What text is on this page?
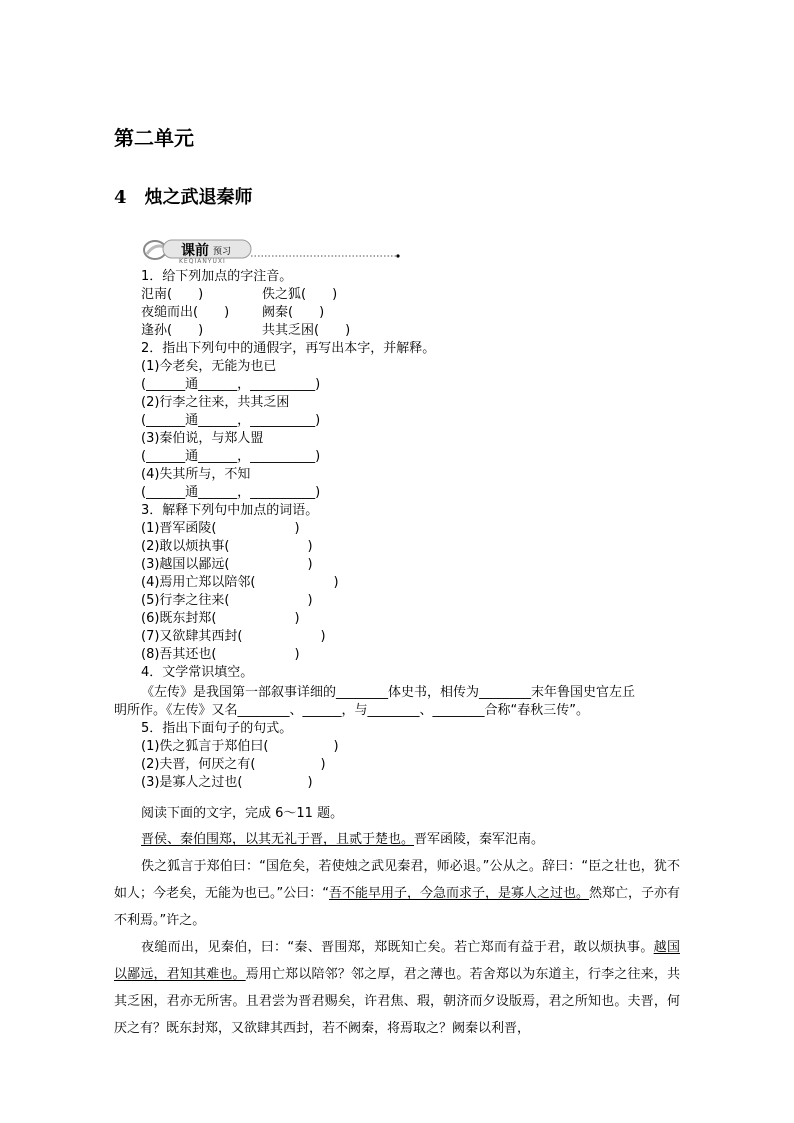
第二单元
4　烛之武退秦师
课前 预习
KEQIANYUXI
1．给下列加点的字注音。
氾南(　　)	佚之狐(　　)
夜缒而出(　　)	阙秦(　　)
逢孙(　　)	共其乏困(　　)
2．指出下列句中的通假字，再写出本字，并解释。
(1)今老矣，无能为也已
(______通______，__________)
(2)行李之往来，共其乏困
(______通______，__________)
(3)秦伯说，与郑人盟
(______通______，__________)
(4)失其所与，不知
(______通______，__________)
3．解释下列句中加点的词语。
(1)晋军函陵(　　　　　　)
(2)敢以烦执事(　　　　　　)
(3)越国以鄙远(　　　　　　)
(4)焉用亡郑以陪邻(　　　　　　)
(5)行李之往来(　　　　　　)
(6)既东封郑(　　　　　　)
(7)又欲肆其西封(　　　　　　)
(8)吾其还也(　　　　　　)
4．文学常识填空。
《左传》是我国第一部叙事详细的________体史书，相传为________末年鲁国史官左丘
明所作。《左传》又名________、______，与________、________合称“春秋三传”。
5．指出下面句子的句式。
(1)佚之狐言于郑伯曰(　　　　　)
(2)夫晋，何厌之有(　　　　　)
(3)是寡人之过也(　　　　　)
阅读下面的文字，完成 6～11 题。
晋侯、秦伯围郑，以其无礼于晋，且贰于楚也。晋军函陵，秦军氾南。
佚之狐言于郑伯曰：“国危矣，若使烛之武见秦君，师必退。”公从之。辞曰：“臣之壮也，犹不如人；今老矣，无能为也已。”公曰：“吾不能早用子，今急而求子，是寡人之过也。然郑亡，子亦有不利焉。”许之。
夜缒而出，见秦伯，曰：“秦、晋围郑，郑既知亡矣。若亡郑而有益于君，敢以烦执事。越国以鄙远，君知其难也。焉用亡郑以陪邻？邻之厚，君之薄也。若舍郑以为东道主，行李之往来，共其乏困，君亦无所害。且君尝为晋君赐矣，许君焦、瑕，朝济而夕设版焉，君之所知也。夫晋，何厌之有？既东封郑，又欲肆其西封，若不阙秦，将焉取之？阙秦以利晋，
